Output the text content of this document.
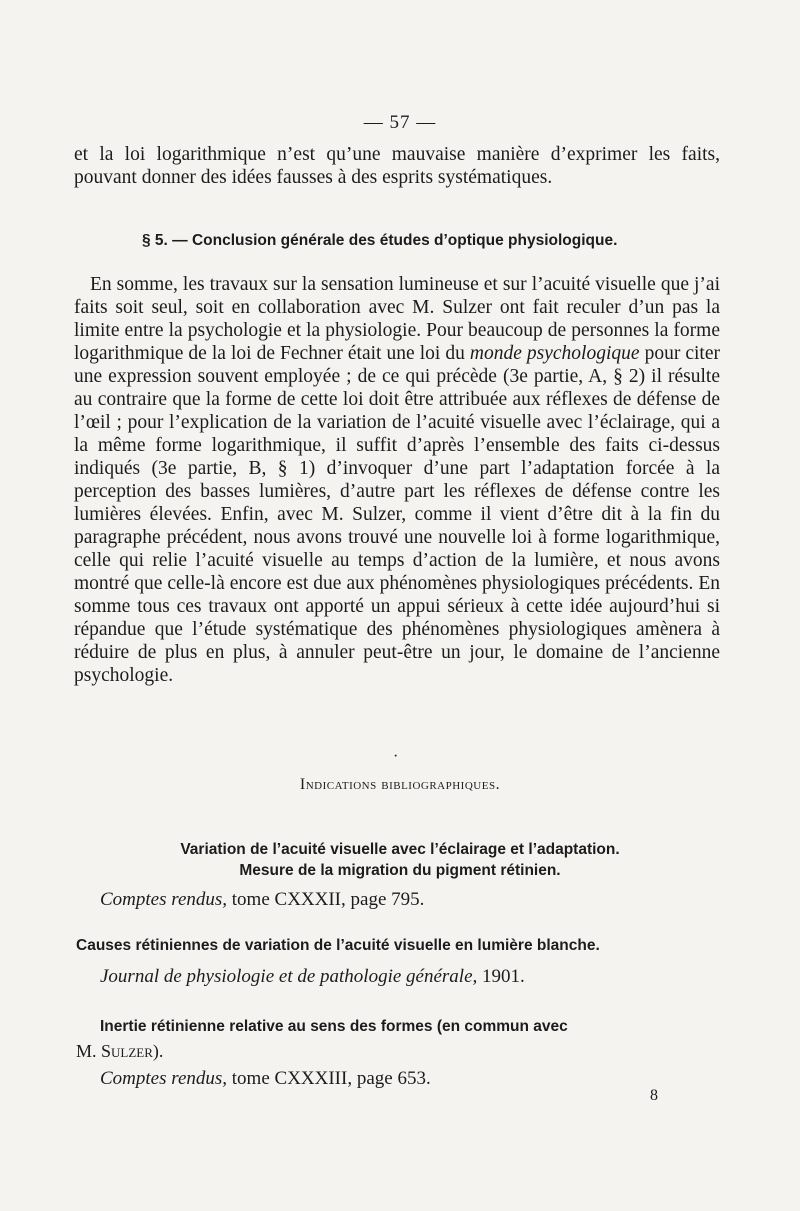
— 57 —

et la loi logarithmique n’est qu’une mauvaise manière d’exprimer les faits, pouvant donner des idées fausses à des esprits systématiques.

§ 5. — Conclusion générale des études d’optique physiologique.

En somme, les travaux sur la sensation lumineuse et sur l’acuité visuelle que j’ai faits soit seul, soit en collaboration avec M. Sulzer ont fait reculer d’un pas la limite entre la psychologie et la physiologie. Pour beaucoup de personnes la forme logarithmique de la loi de Fechner était une loi du monde psychologique pour citer une expression souvent employée ; de ce qui précède (3e partie, A, § 2) il résulte au contraire que la forme de cette loi doit être attribuée aux réflexes de défense de l’œil ; pour l’explication de la variation de l’acuité visuelle avec l’éclairage, qui a la même forme logarithmique, il suffit d’après l’ensemble des faits ci-dessus indiqués (3e partie, B, § 1) d’invoquer d’une part l’adaptation forcée à la perception des basses lumières, d’autre part les réflexes de défense contre les lumières élevées. Enfin, avec M. Sulzer, comme il vient d’être dit à la fin du paragraphe précédent, nous avons trouvé une nouvelle loi à forme logarithmique, celle qui relie l’acuité visuelle au temps d’action de la lumière, et nous avons montré que celle-là encore est due aux phénomènes physiologiques précédents. En somme tous ces travaux ont apporté un appui sérieux à cette idée aujourd’hui si répandue que l’étude systématique des phénomènes physiologiques amènera à réduire de plus en plus, à annuler peut-être un jour, le domaine de l’ancienne psychologie.

·
Indications bibliographiques.
Variation de l’acuité visuelle avec l’éclairage et l’adaptation.
Mesure de la migration du pigment rétinien.
Comptes rendus, tome CXXXII, page 795.
Causes rétiniennes de variation de l’acuité visuelle en lumière blanche.
Journal de physiologie et de pathologie générale, 1901.
Inertie rétinienne relative au sens des formes (en commun avec
M. Sulzer).
Comptes rendus, tome CXXXIII, page 653.
8
